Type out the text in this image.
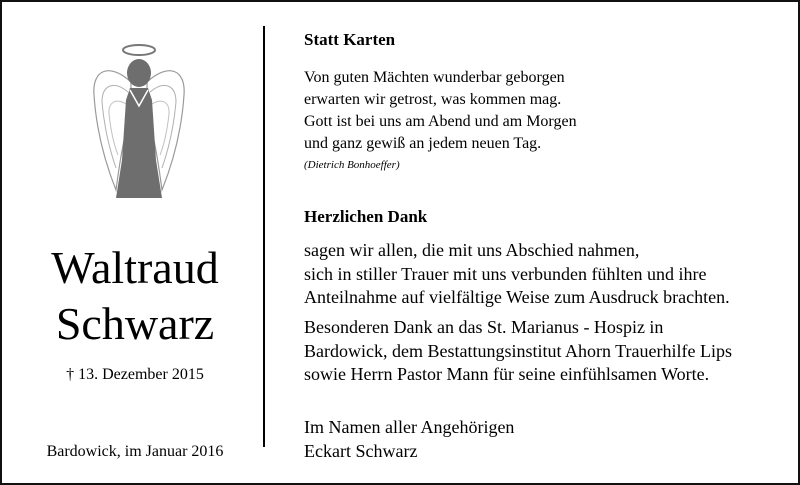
Waltraud
Schwarz
† 13. Dezember 2015
Bardowick, im Januar 2016
Statt Karten
Von guten Mächten wunderbar geborgen
erwarten wir getrost, was kommen mag.
Gott ist bei uns am Abend und am Morgen
und ganz gewiß an jedem neuen Tag.
(Dietrich Bonhoeffer)
Herzlichen Dank
sagen wir allen, die mit uns Abschied nahmen,
sich in stiller Trauer mit uns verbunden fühlten und ihre
Anteilnahme auf vielfältige Weise zum Ausdruck brachten.
Besonderen Dank an das St. Marianus - Hospiz in
Bardowick, dem Bestattungsinstitut Ahorn Trauerhilfe Lips
sowie Herrn Pastor Mann für seine einfühlsamen Worte.
Im Namen aller Angehörigen
Eckart Schwarz
